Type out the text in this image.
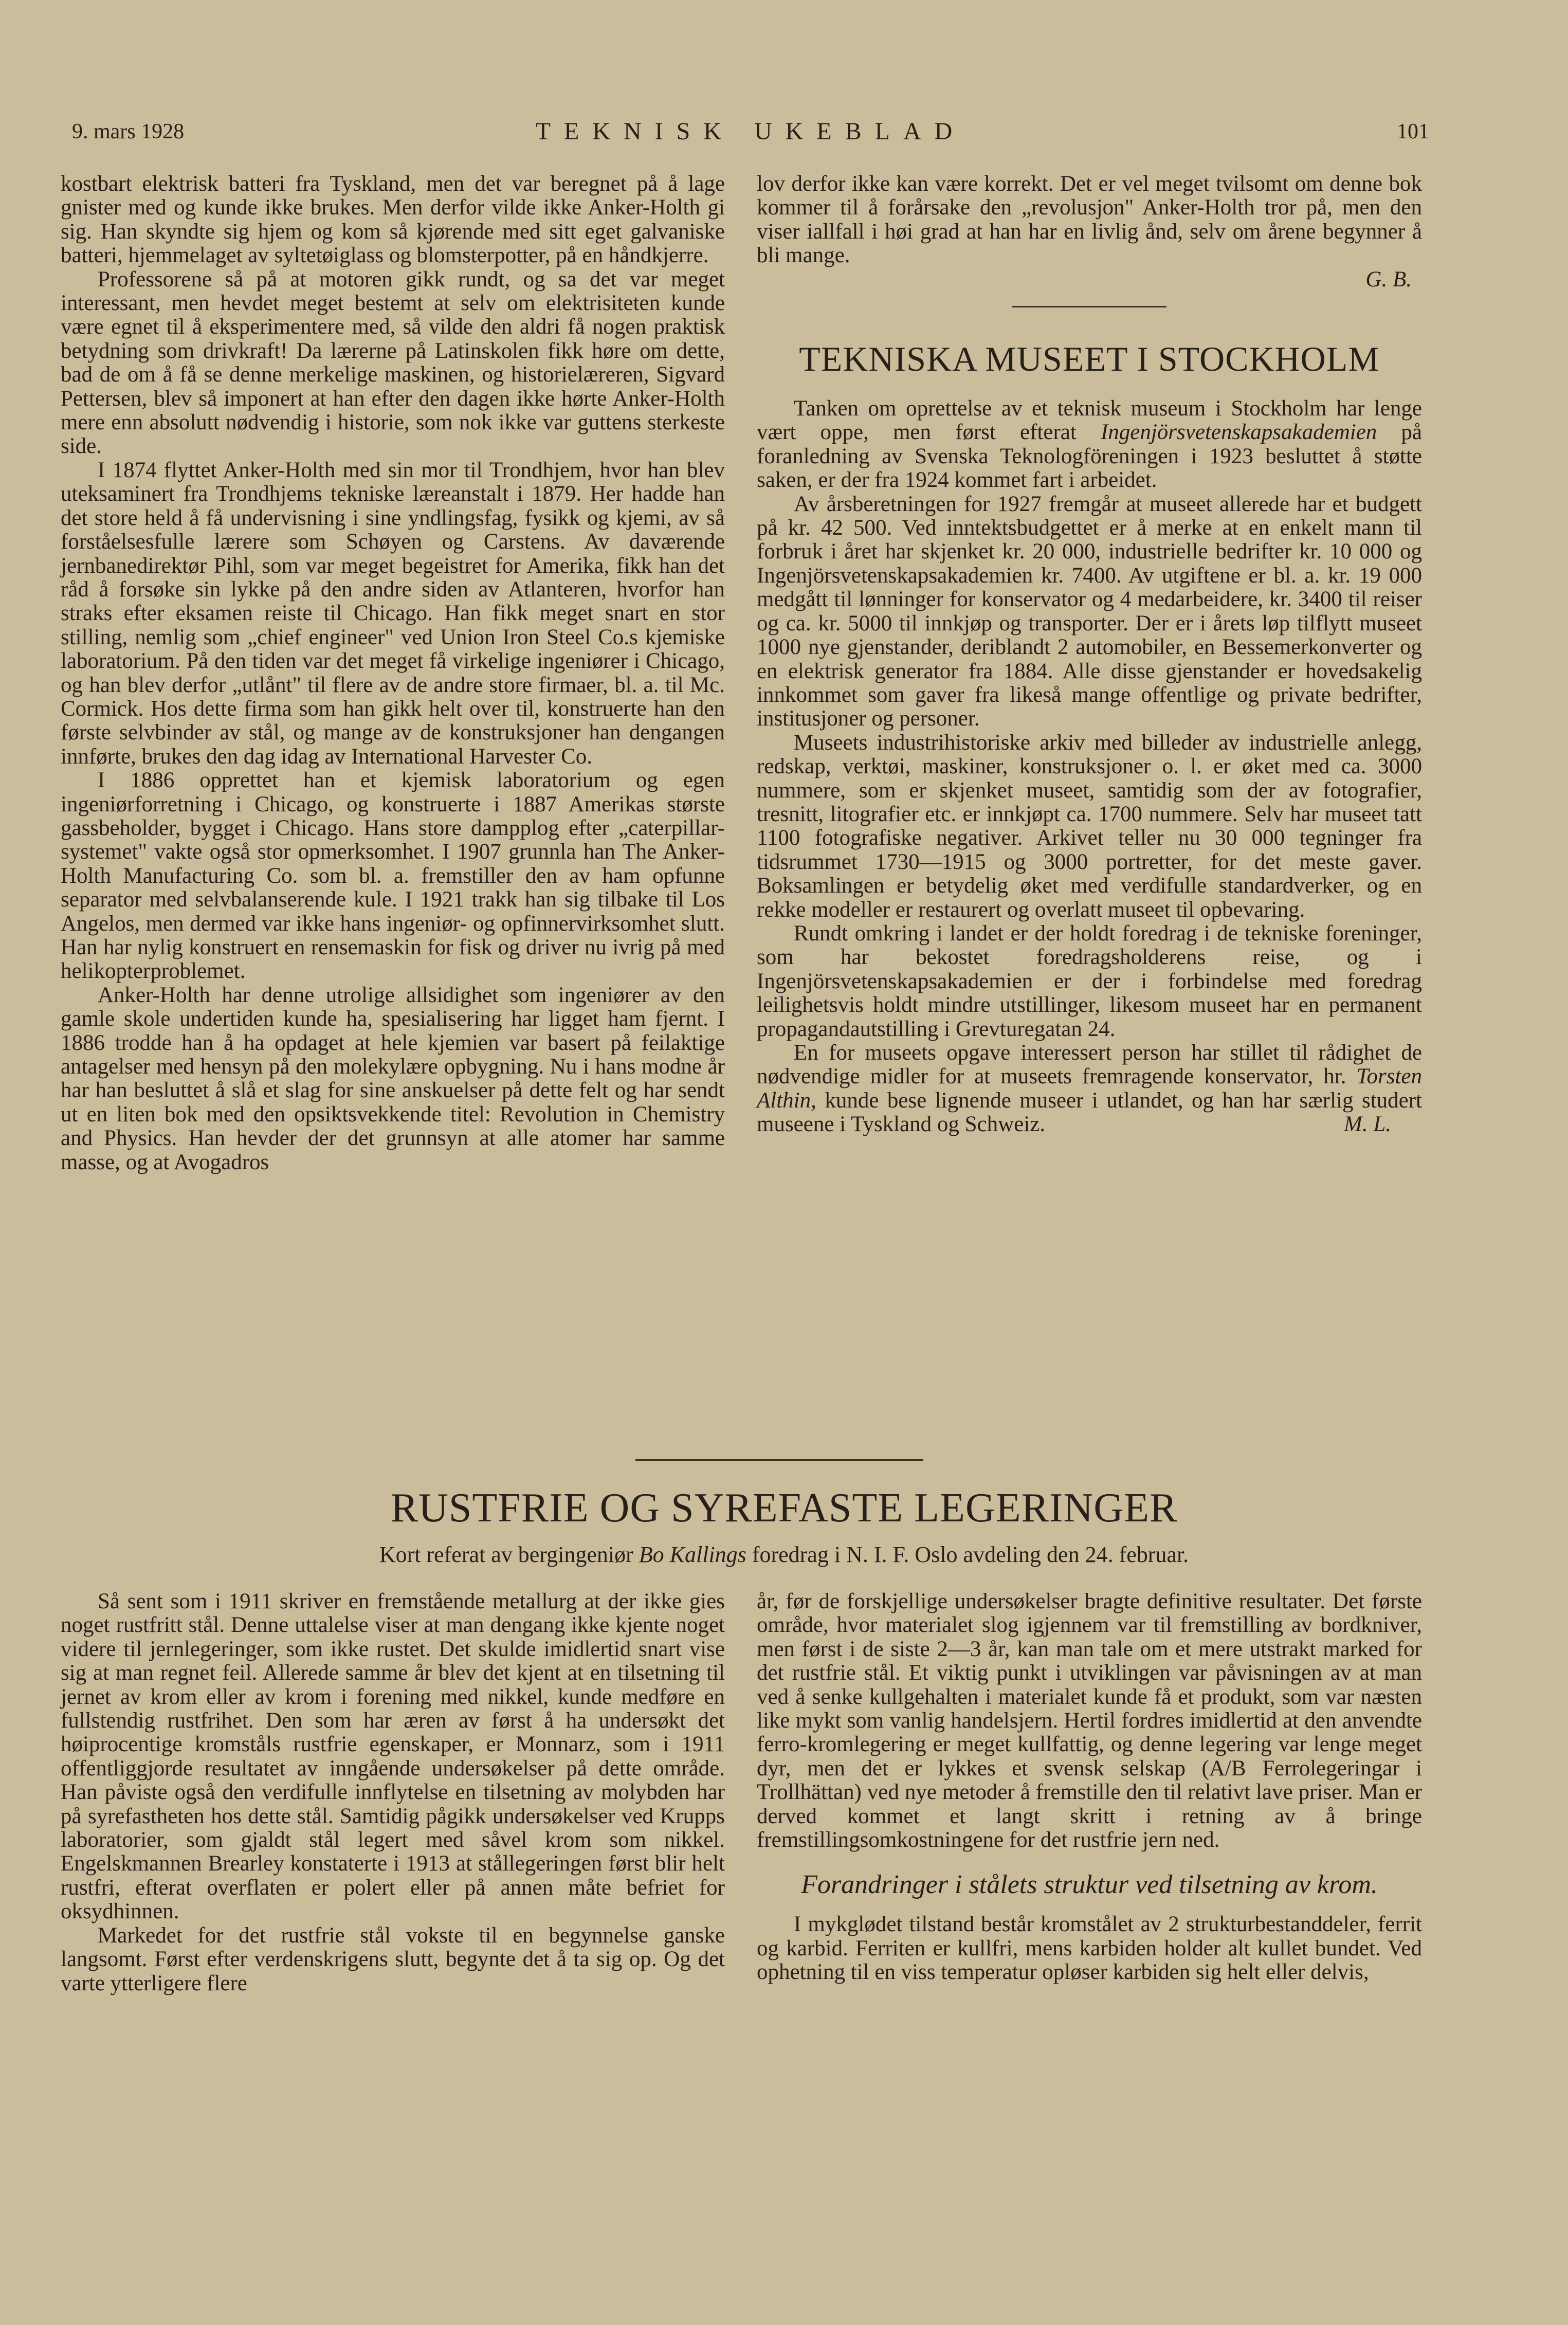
9. mars 1928	TEKNISK UKEBLAD	101

kostbart elektrisk batteri fra Tyskland, men det var beregnet på å lage gnister med og kunde ikke brukes. Men derfor vilde ikke Anker-Holth gi sig. Han skyndte sig hjem og kom så kjørende med sitt eget galvaniske batteri, hjemmelaget av syltetøiglass og blomsterpotter, på en håndkjerre.

Professorene så på at motoren gikk rundt, og sa det var meget interessant, men hevdet meget bestemt at selv om elektrisiteten kunde være egnet til å eksperimentere med, så vilde den aldri få nogen praktisk betydning som drivkraft! Da lærerne på Latinskolen fikk høre om dette, bad de om å få se denne merkelige maskinen, og historielæreren, Sigvard Pettersen, blev så imponert at han efter den dagen ikke hørte Anker-Holth mere enn absolutt nødvendig i historie, som nok ikke var guttens sterkeste side.

I 1874 flyttet Anker-Holth med sin mor til Trondhjem, hvor han blev uteksaminert fra Trondhjems tekniske læreanstalt i 1879. Her hadde han det store held å få undervisning i sine yndlingsfag, fysikk og kjemi, av så forståelsesfulle lærere som Schøyen og Carstens. Av daværende jernbanedirektør Pihl, som var meget begeistret for Amerika, fikk han det råd å forsøke sin lykke på den andre siden av Atlanteren, hvorfor han straks efter eksamen reiste til Chicago. Han fikk meget snart en stor stilling, nemlig som „chief engineer" ved Union Iron Steel Co.s kjemiske laboratorium. På den tiden var det meget få virkelige ingeniører i Chicago, og han blev derfor „utlånt" til flere av de andre store firmaer, bl. a. til Mc. Cormick. Hos dette firma som han gikk helt over til, konstruerte han den første selvbinder av stål, og mange av de konstruksjoner han dengangen innførte, brukes den dag idag av International Harvester Co.

I 1886 opprettet han et kjemisk laboratorium og egen ingeniørforretning i Chicago, og konstruerte i 1887 Amerikas største gassbeholder, bygget i Chicago. Hans store dampplog efter „caterpillar-systemet" vakte også stor opmerksomhet. I 1907 grunnla han The Anker-Holth Manufacturing Co. som bl. a. fremstiller den av ham opfunne separator med selvbalanserende kule. I 1921 trakk han sig tilbake til Los Angelos, men dermed var ikke hans ingeniør- og opfinnervirksomhet slutt. Han har nylig konstruert en rensemaskin for fisk og driver nu ivrig på med helikopterproblemet.

Anker-Holth har denne utrolige allsidighet som ingeniører av den gamle skole undertiden kunde ha, spesialisering har ligget ham fjernt. I 1886 trodde han å ha opdaget at hele kjemien var basert på feilaktige antagelser med hensyn på den molekylære opbygning. Nu i hans modne år har han besluttet å slå et slag for sine anskuelser på dette felt og har sendt ut en liten bok med den opsiktsvekkende titel: Revolution in Chemistry and Physics. Han hevder der det grunnsyn at alle atomer har samme masse, og at Avogadros

lov derfor ikke kan være korrekt. Det er vel meget tvilsomt om denne bok kommer til å forårsake den „revolusjon" Anker-Holth tror på, men den viser iallfall i høi grad at han har en livlig ånd, selv om årene begynner å bli mange.

G. B.

TEKNISKA MUSEET I STOCKHOLM

Tanken om oprettelse av et teknisk museum i Stockholm har lenge vært oppe, men først efterat Ingenjörsvetenskapsakademien på foranledning av Svenska Teknologföreningen i 1923 besluttet å støtte saken, er der fra 1924 kommet fart i arbeidet.

Av årsberetningen for 1927 fremgår at museet allerede har et budgett på kr. 42 500. Ved inntektsbudgettet er å merke at en enkelt mann til forbruk i året har skjenket kr. 20 000, industrielle bedrifter kr. 10 000 og Ingenjörsvetenskapsakademien kr. 7400. Av utgiftene er bl. a. kr. 19 000 medgått til lønninger for konservator og 4 medarbeidere, kr. 3400 til reiser og ca. kr. 5000 til innkjøp og transporter. Der er i årets løp tilflytt museet 1000 nye gjenstander, deriblandt 2 automobiler, en Bessemerkonverter og en elektrisk generator fra 1884. Alle disse gjenstander er hovedsakelig innkommet som gaver fra likeså mange offentlige og private bedrifter, institusjoner og personer.

Museets industrihistoriske arkiv med billeder av industrielle anlegg, redskap, verktøi, maskiner, konstruksjoner o. l. er øket med ca. 3000 nummere, som er skjenket museet, samtidig som der av fotografier, tresnitt, litografier etc. er innkjøpt ca. 1700 nummere. Selv har museet tatt 1100 fotografiske negativer. Arkivet teller nu 30 000 tegninger fra tidsrummet 1730—1915 og 3000 portretter, for det meste gaver. Boksamlingen er betydelig øket med verdifulle standardverker, og en rekke modeller er restaurert og overlatt museet til opbevaring.

Rundt omkring i landet er der holdt foredrag i de tekniske foreninger, som har bekostet foredragsholderens reise, og i Ingenjörsvetenskapsakademien er der i forbindelse med foredrag leilighetsvis holdt mindre utstillinger, likesom museet har en permanent propagandautstilling i Grevturegatan 24.

En for museets opgave interessert person har stillet til rådighet de nødvendige midler for at museets fremragende konservator, hr. Torsten Althin, kunde bese lignende museer i utlandet, og han har særlig studert museene i Tyskland og Schweiz.	M. L.

RUSTFRIE OG SYREFASTE LEGERINGER
Kort referat av bergingeniør Bo Kallings foredrag i N. I. F. Oslo avdeling den 24. februar.

Så sent som i 1911 skriver en fremstående metallurg at der ikke gies noget rustfritt stål. Denne uttalelse viser at man dengang ikke kjente noget videre til jernlegeringer, som ikke rustet. Det skulde imidlertid snart vise sig at man regnet feil. Allerede samme år blev det kjent at en tilsetning til jernet av krom eller av krom i forening med nikkel, kunde medføre en fullstendig rustfrihet. Den som har æren av først å ha undersøkt det høiprocentige kromståls rustfrie egenskaper, er Monnarz, som i 1911 offentliggjorde resultatet av inngående undersøkelser på dette område. Han påviste også den verdifulle innflytelse en tilsetning av molybden har på syrefastheten hos dette stål. Samtidig pågikk undersøkelser ved Krupps laboratorier, som gjaldt stål legert med såvel krom som nikkel. Engelskmannen Brearley konstaterte i 1913 at stållegeringen først blir helt rustfri, efterat overflaten er polert eller på annen måte befriet for oksydhinnen.

Markedet for det rustfrie stål vokste til en begynnelse ganske langsomt. Først efter verdenskrigens slutt, begynte det å ta sig op. Og det varte ytterligere flere

år, før de forskjellige undersøkelser bragte definitive resultater. Det første område, hvor materialet slog igjennem var til fremstilling av bordkniver, men først i de siste 2—3 år, kan man tale om et mere utstrakt marked for det rustfrie stål. Et viktig punkt i utviklingen var påvisningen av at man ved å senke kullgehalten i materialet kunde få et produkt, som var næsten like mykt som vanlig handelsjern. Hertil fordres imidlertid at den anvendte ferro-kromlegering er meget kullfattig, og denne legering var lenge meget dyr, men det er lykkes et svensk selskap (A/B Ferrolegeringar i Trollhättan) ved nye metoder å fremstille den til relativt lave priser. Man er derved kommet et langt skritt i retning av å bringe fremstillingsomkostningene for det rustfrie jern ned.

Forandringer i stålets struktur ved tilsetning av krom.

I mykglødet tilstand består kromstålet av 2 strukturbestanddeler, ferrit og karbid. Ferriten er kullfri, mens karbiden holder alt kullet bundet. Ved ophetning til en viss temperatur opløser karbiden sig helt eller delvis,
